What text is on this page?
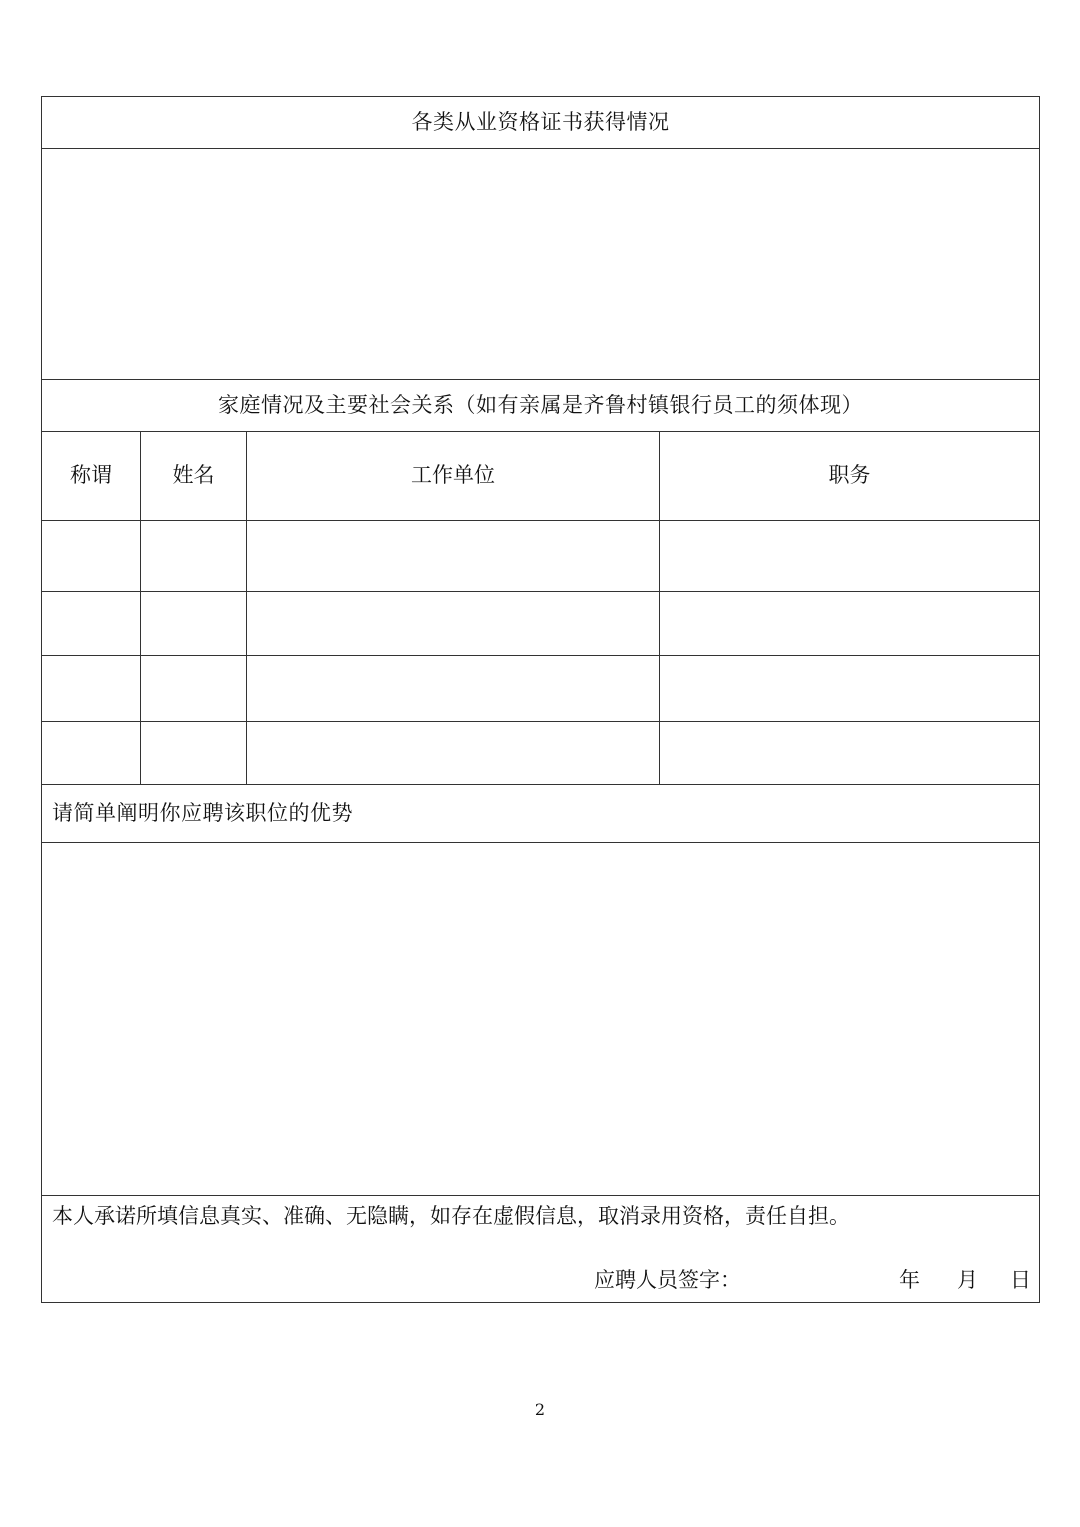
各类从业资格证书获得情况			

家庭情况及主要社会关系（如有亲属是齐鲁村镇银行员工的须体现）			
称谓	姓名	工作单位	职务

请简单阐明你应聘该职位的优势			

本人承诺所填信息真实、准确、无隐瞒，如存在虚假信息，取消录用资格，责任自担。
应聘人员签字： 年 月 日			
2
